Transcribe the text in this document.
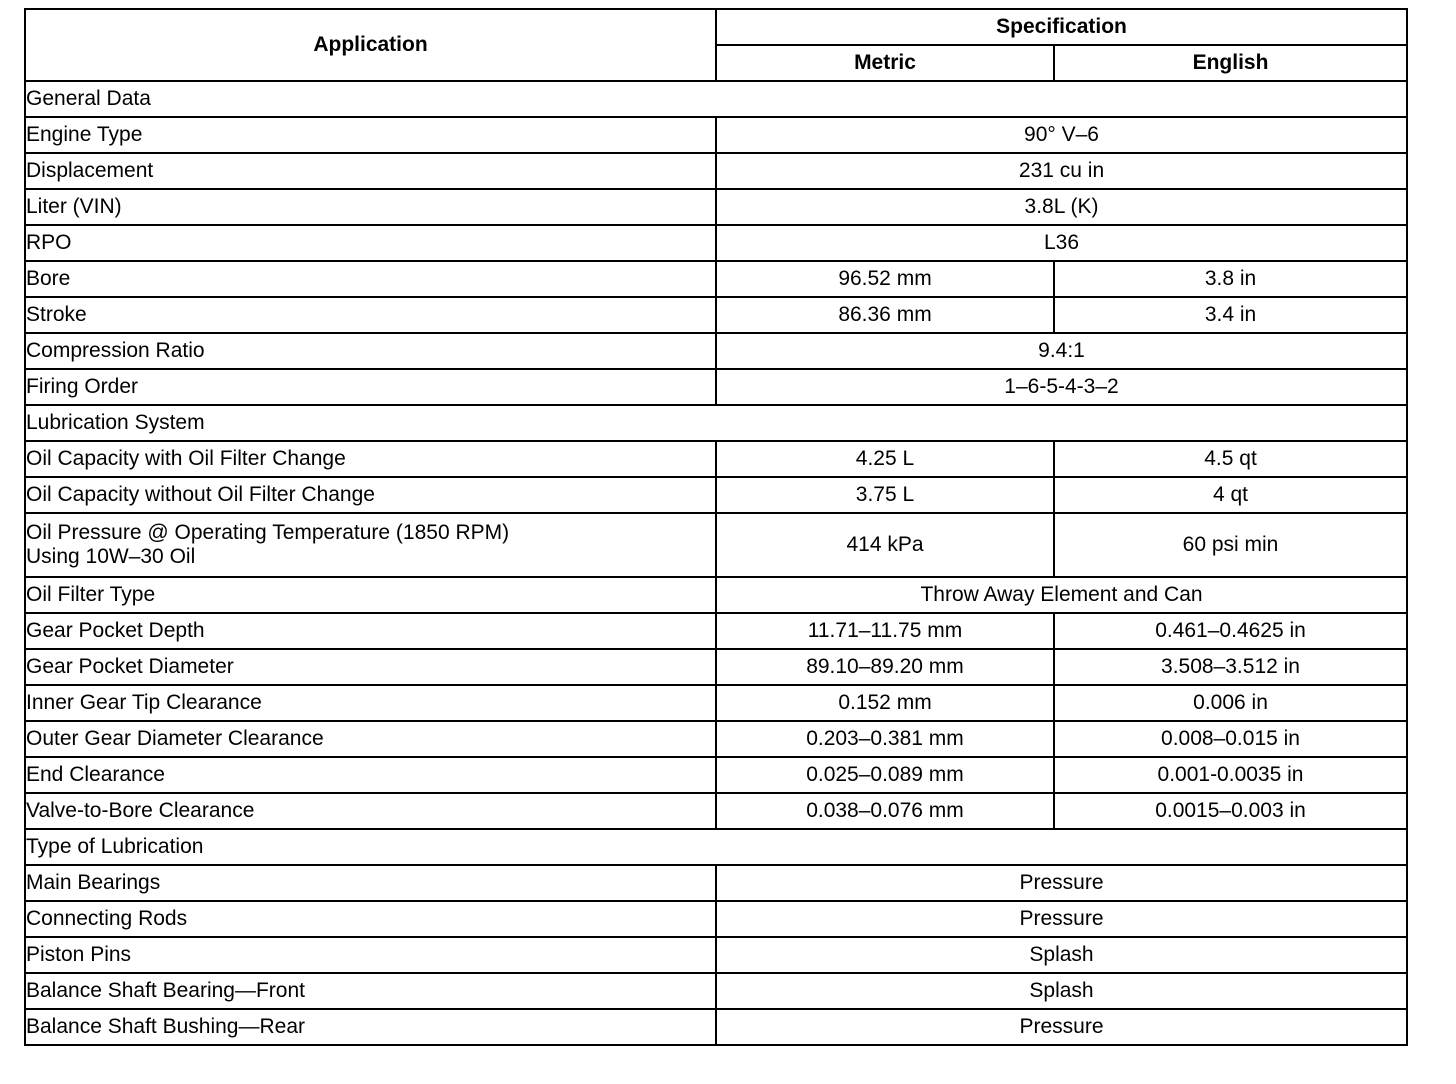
Application	Specification	
	Metric	English
General Data		

Engine Type	90° V–6	

Displacement	231 cu in	

Liter (VIN)	3.8L (K)	

RPO	L36	

Bore	96.52 mm	3.8 in

Stroke	86.36 mm	3.4 in

Compression Ratio	9.4:1	

Firing Order	1–6-5-4-3–2	
Lubrication System		

Oil Capacity with Oil Filter Change	4.25 L	4.5 qt

Oil Capacity without Oil Filter Change	3.75 L	4 qt

Oil Pressure @ Operating Temperature (1850 RPM)
Using 10W–30 Oil	414 kPa	60 psi min

Oil Filter Type	Throw Away Element and Can	

Gear Pocket Depth	11.71–11.75 mm	0.461–0.4625 in

Gear Pocket Diameter	89.10–89.20 mm	3.508–3.512 in

Inner Gear Tip Clearance	0.152 mm	0.006 in

Outer Gear Diameter Clearance	0.203–0.381 mm	0.008–0.015 in

End Clearance	0.025–0.089 mm	0.001-0.0035 in

Valve-to-Bore Clearance	0.038–0.076 mm	0.0015–0.003 in
Type of Lubrication		

Main Bearings	Pressure	

Connecting Rods	Pressure	

Piston Pins	Splash	

Balance Shaft Bearing—Front	Splash	

Balance Shaft Bushing—Rear	Pressure	
